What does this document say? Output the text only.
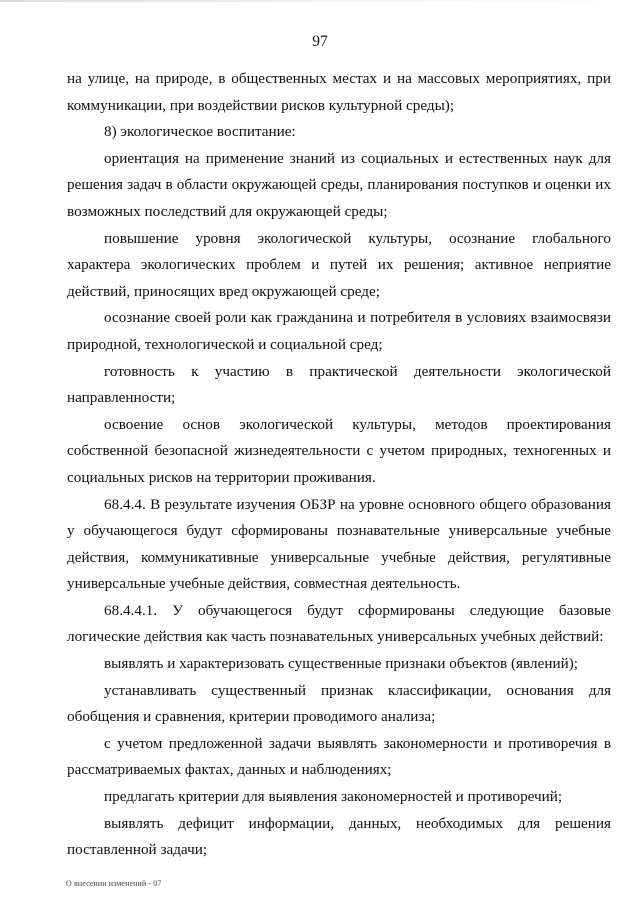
97

на улице, на природе, в общественных местах и на массовых мероприятиях, при коммуникации, при воздействии рисков культурной среды);

8) экологическое воспитание:

ориентация на применение знаний из социальных и естественных наук для решения задач в области окружающей среды, планирования поступков и оценки их возможных последствий для окружающей среды;

повышение уровня экологической культуры, осознание глобального характера экологических проблем и путей их решения; активное неприятие действий, приносящих вред окружающей среде;

осознание своей роли как гражданина и потребителя в условиях взаимосвязи природной, технологической и социальной сред;

готовность к участию в практической деятельности экологической направленности;

освоение основ экологической культуры, методов проектирования собственной безопасной жизнедеятельности с учетом природных, техногенных и социальных рисков на территории проживания.

68.4.4. В результате изучения ОБЗР на уровне основного общего образования у обучающегося будут сформированы познавательные универсальные учебные действия, коммуникативные универсальные учебные действия, регулятивные универсальные учебные действия, совместная деятельность.

68.4.4.1. У обучающегося будут сформированы следующие базовые логические действия как часть познавательных универсальных учебных действий:

выявлять и характеризовать существенные признаки объектов (явлений);

устанавливать существенный признак классификации, основания для обобщения и сравнения, критерии проводимого анализа;

с учетом предложенной задачи выявлять закономерности и противоречия в рассматриваемых фактах, данных и наблюдениях;

предлагать критерии для выявления закономерностей и противоречий;

выявлять дефицит информации, данных, необходимых для решения поставленной задачи;

О внесении изменений - 07
